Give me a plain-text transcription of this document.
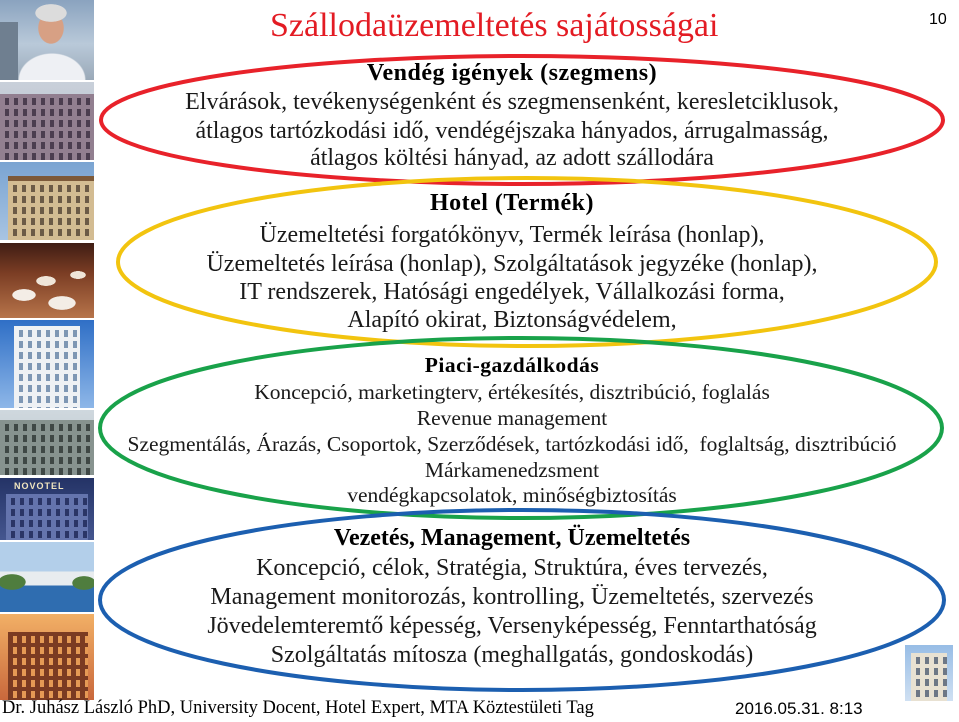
NOVOTEL
Szállodaüzemeltetés sajátosságai	10
Vendég igények (szegmens)
Elvárások, tevékenységenként és szegmensenként, keresletciklusok,
átlagos tartózkodási idő, vendégéjszaka hányados, árrugalmasság,
átlagos költési hányad, az adott szállodára
Hotel (Termék)
Üzemeltetési forgatókönyv, Termék leírása (honlap),
Üzemeltetés leírása (honlap), Szolgáltatások jegyzéke (honlap),
IT rendszerek, Hatósági engedélyek, Vállalkozási forma,
Alapító okirat, Biztonságvédelem,
Piaci-gazdálkodás
Koncepció, marketingterv, értékesítés, disztribúció, foglalás
Revenue management
Szegmentálás, Árazás, Csoportok, Szerződések, tartózkodási idő,  foglaltság, disztribúció
Márkamenedzsment
vendégkapcsolatok, minőségbiztosítás
Vezetés, Management, Üzemeltetés
Koncepció, célok, Stratégia, Struktúra, éves tervezés,
Management monitorozás, kontrolling, Üzemeltetés, szervezés
Jövedelemteremtő képesség, Versenyképesség, Fenntarthatóság
Szolgáltatás mítosza (meghallgatás, gondoskodás)
Dr. Juhász László PhD, University Docent, Hotel Expert, MTA Köztestületi Tag	2016.05.31. 8:13
